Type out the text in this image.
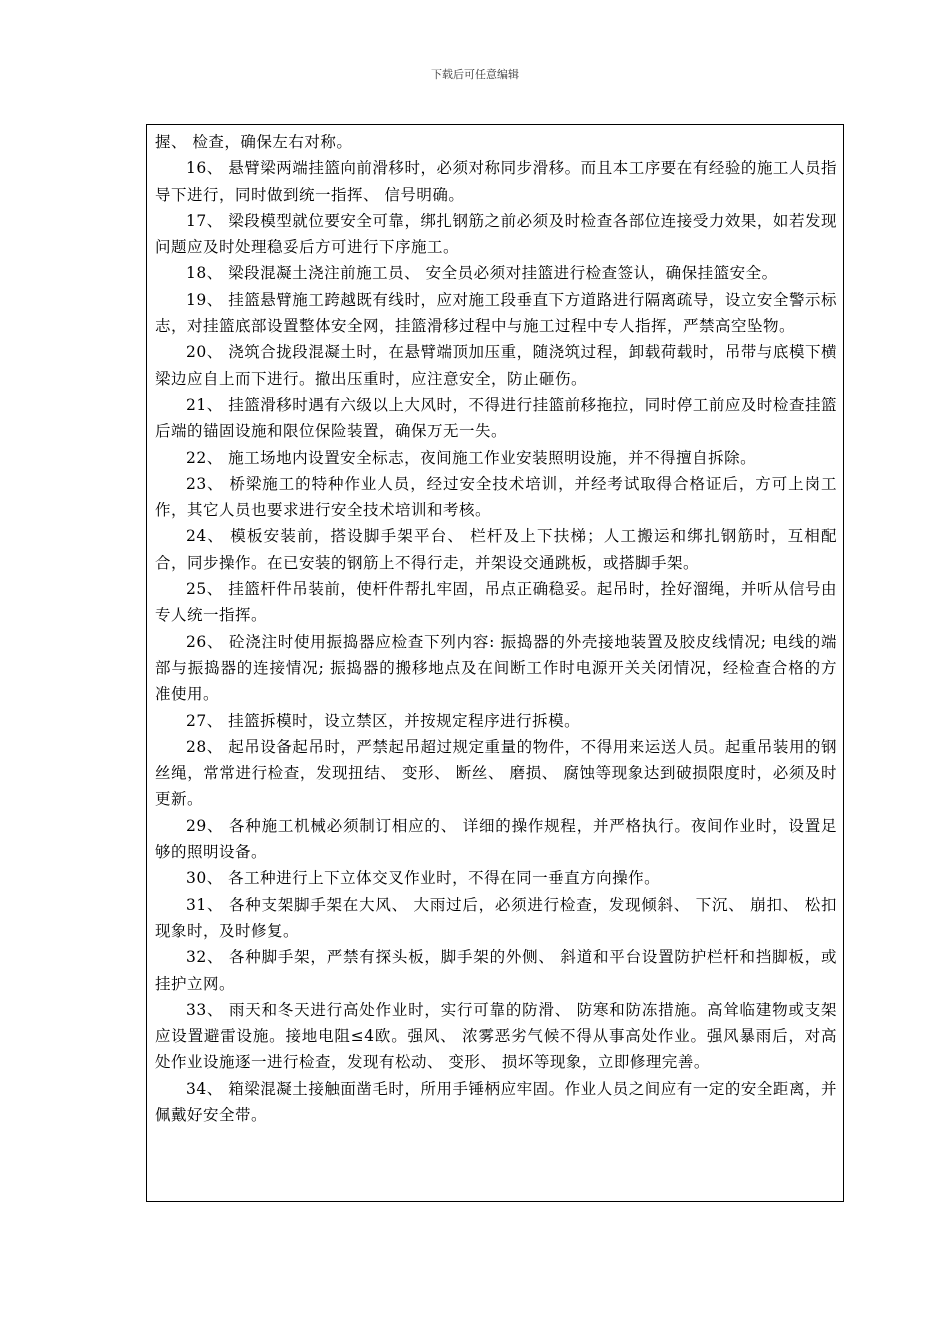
下载后可任意编辑

握、 检查，确保左右对称。

16、 悬臂梁两端挂篮向前滑移时，必须对称同步滑移。而且本工序要在有经验的施工人员指导下进行，同时做到统一指挥、 信号明确。

17、 梁段模型就位要安全可靠，绑扎钢筋之前必须及时检查各部位连接受力效果，如若发现问题应及时处理稳妥后方可进行下序施工。

18、 梁段混凝土浇注前施工员、 安全员必须对挂篮进行检查签认，确保挂篮安全。

19、 挂篮悬臂施工跨越既有线时，应对施工段垂直下方道路进行隔离疏导，设立安全警示标志，对挂篮底部设置整体安全网，挂篮滑移过程中与施工过程中专人指挥，严禁高空坠物。

20、 浇筑合拢段混凝土时，在悬臂端顶加压重，随浇筑过程，卸载荷载时，吊带与底模下横梁边应自上而下进行。撤出压重时，应注意安全，防止砸伤。

21、 挂篮滑移时遇有六级以上大风时，不得进行挂篮前移拖拉，同时停工前应及时检查挂篮后端的锚固设施和限位保险装置，确保万无一失。

22、 施工场地内设置安全标志，夜间施工作业安装照明设施，并不得擅自拆除。

23、 桥梁施工的特种作业人员，经过安全技术培训，并经考试取得合格证后，方可上岗工作，其它人员也要求进行安全技术培训和考核。

24、 模板安装前，搭设脚手架平台、 栏杆及上下扶梯；人工搬运和绑扎钢筋时，互相配合，同步操作。在已安装的钢筋上不得行走，并架设交通跳板，或搭脚手架。

25、 挂篮杆件吊装前，使杆件帮扎牢固，吊点正确稳妥。起吊时，拴好溜绳，并听从信号由专人统一指挥。

26、 砼浇注时使用振捣器应检查下列内容: 振捣器的外壳接地装置及胶皮线情况; 电线的端部与振捣器的连接情况; 振捣器的搬移地点及在间断工作时电源开关关闭情况，经检查合格的方准使用。

27、 挂篮拆模时，设立禁区，并按规定程序进行拆模。

28、 起吊设备起吊时，严禁起吊超过规定重量的物件，不得用来运送人员。起重吊装用的钢丝绳，常常进行检查，发现扭结、 变形、 断丝、 磨损、 腐蚀等现象达到破损限度时，必须及时更新。

29、 各种施工机械必须制订相应的、 详细的操作规程，并严格执行。夜间作业时，设置足够的照明设备。

30、 各工种进行上下立体交叉作业时，不得在同一垂直方向操作。

31、 各种支架脚手架在大风、 大雨过后，必须进行检查，发现倾斜、 下沉、 崩扣、 松扣现象时，及时修复。

32、 各种脚手架，严禁有探头板，脚手架的外侧、 斜道和平台设置防护栏杆和挡脚板，或挂护立网。

33、 雨天和冬天进行高处作业时，实行可靠的防滑、 防寒和防冻措施。高耸临建物或支架应设置避雷设施。接地电阻≤4欧。强风、 浓雾恶劣气候不得从事高处作业。强风暴雨后，对高处作业设施逐一进行检查，发现有松动、 变形、 损坏等现象，立即修理完善。

34、 箱梁混凝土接触面凿毛时，所用手锤柄应牢固。作业人员之间应有一定的安全距离，并佩戴好安全带。
